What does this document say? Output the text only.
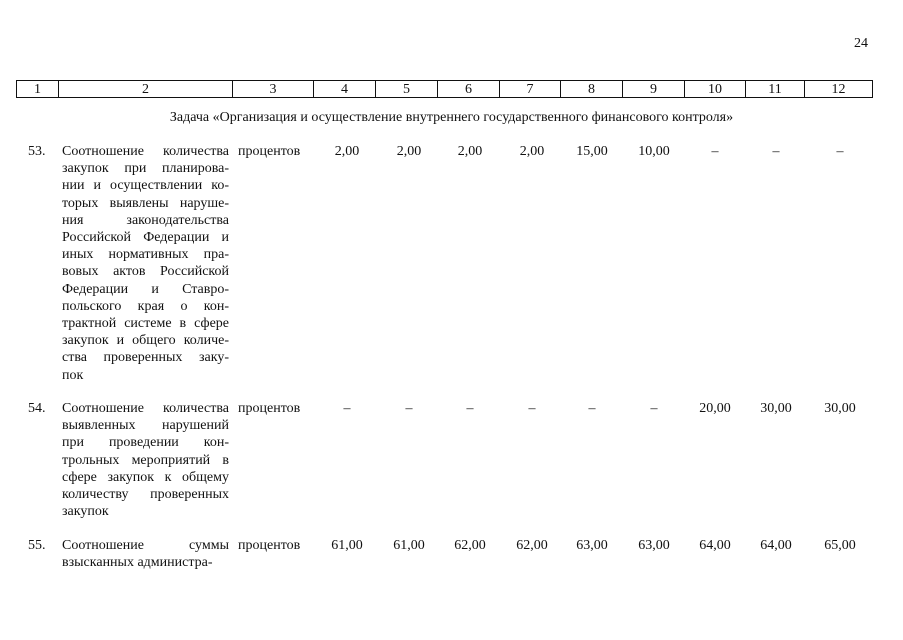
24
1	2	3	4	5	6	7	8	9	10	11	12
Задача «Организация и осуществление внутреннего государственного финансового контроля»
53.	Соотношение количества
закупок при планирова-
нии и осуществлении ко-
торых выявлены наруше-
ния законодательства
Российской Федерации и
иных нормативных пра-
вовых актов Российской
Федерации и Ставро-
польского края о кон-
трактной системе в сфере
закупок и общего количе-
ства проверенных заку-
пок
процентов	2,00	2,00	2,00	2,00	15,00	10,00	–	–	–
54.	Соотношение количества
выявленных нарушений
при проведении кон-
трольных мероприятий в
сфере закупок к общему
количеству проверенных
закупок
процентов	–	–	–	–	–	–	20,00	30,00	30,00
55.	Соотношение суммы
взысканных администра-
процентов	61,00	61,00	62,00	62,00	63,00	63,00	64,00	64,00	65,00
